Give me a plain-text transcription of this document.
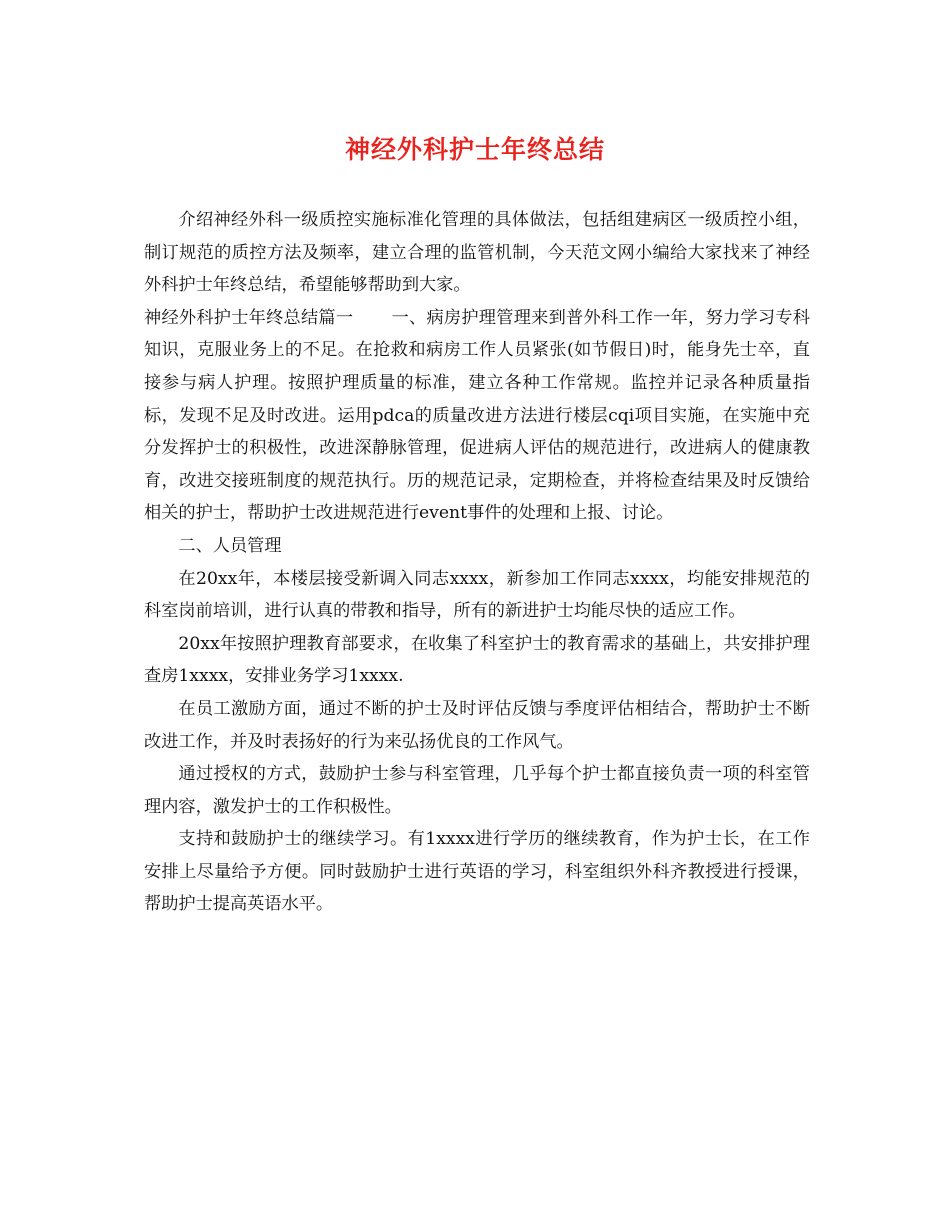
神经外科护士年终总结

介绍神经外科一级质控实施标准化管理的具体做法，包括组建病区一级质控小组，制订规范的质控方法及频率，建立合理的监管机制，今天范文网小编给大家找来了神经外科护士年终总结，希望能够帮助到大家。

神经外科护士年终总结篇一 一、病房护理管理来到普外科工作一年，努力学习专科知识，克服业务上的不足。在抢救和病房工作人员紧张(如节假日)时，能身先士卒，直接参与病人护理。按照护理质量的标准，建立各种工作常规。监控并记录各种质量指标，发现不足及时改进。运用pdca的质量改进方法进行楼层cqi项目实施，在实施中充分发挥护士的积极性，改进深静脉管理，促进病人评估的规范进行，改进病人的健康教育，改进交接班制度的规范执行。历的规范记录，定期检查，并将检查结果及时反馈给相关的护士，帮助护士改进规范进行event事件的处理和上报、讨论。

二、人员管理

在20xx年，本楼层接受新调入同志xxxx，新参加工作同志xxxx，均能安排规范的科室岗前培训，进行认真的带教和指导，所有的新进护士均能尽快的适应工作。

20xx年按照护理教育部要求，在收集了科室护士的教育需求的基础上，共安排护理查房1xxxx，安排业务学习1xxxx.

在员工激励方面，通过不断的护士及时评估反馈与季度评估相结合，帮助护士不断改进工作，并及时表扬好的行为来弘扬优良的工作风气。

通过授权的方式，鼓励护士参与科室管理，几乎每个护士都直接负责一项的科室管理内容，激发护士的工作积极性。

支持和鼓励护士的继续学习。有1xxxx进行学历的继续教育，作为护士长，在工作安排上尽量给予方便。同时鼓励护士进行英语的学习，科室组织外科齐教授进行授课，帮助护士提高英语水平。
